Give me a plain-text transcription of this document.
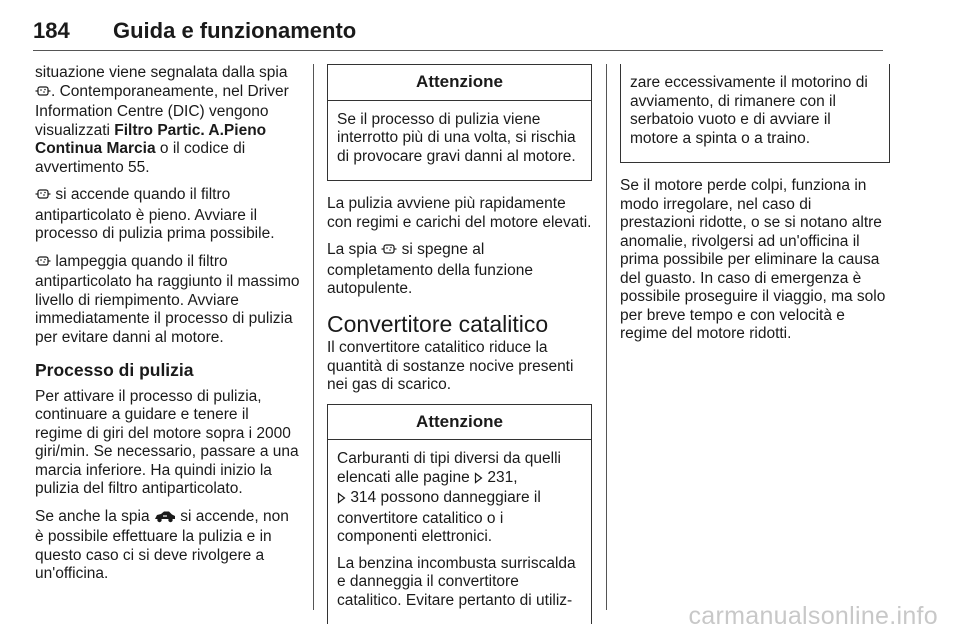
184 Guida e funzionamento

situazione viene segnalata dalla spia . Contemporaneamente, nel Driver Information Centre (DIC) vengono visualizzati Filtro Partic. A.Pieno Continua Marcia o il codice di avvertimento 55.

si accende quando il filtro antiparticolato è pieno. Avviare il processo di pulizia prima possibile.

lampeggia quando il filtro antiparticolato ha raggiunto il massimo livello di riempimento. Avviare immediatamente il processo di pulizia per evitare danni al motore.

Processo di pulizia

Per attivare il processo di pulizia, continuare a guidare e tenere il regime di giri del motore sopra i 2000 giri/min. Se necessario, passare a una marcia inferiore. Ha quindi inizio la pulizia del filtro antiparticolato.

Se anche la spia si accende, non è possibile effettuare la pulizia e in questo caso ci si deve rivolgere a un'officina.

Attenzione

Se il processo di pulizia viene interrotto più di una volta, si rischia di provocare gravi danni al motore.

La pulizia avviene più rapidamente con regimi e carichi del motore elevati.

La spia si spegne al completamento della funzione autopulente.

Convertitore catalitico

Il convertitore catalitico riduce la quantità di sostanze nocive presenti nei gas di scarico.

Attenzione

Carburanti di tipi diversi da quelli elencati alle pagine 231,
314 possono danneggiare il convertitore catalitico o i componenti elettronici.

La benzina incombusta surriscalda e danneggia il convertitore catalitico. Evitare pertanto di utiliz-

zare eccessivamente il motorino di avviamento, di rimanere con il serbatoio vuoto e di avviare il motore a spinta o a traino.

Se il motore perde colpi, funziona in modo irregolare, nel caso di prestazioni ridotte, o se si notano altre anomalie, rivolgersi ad un'officina il prima possibile per eliminare la causa del guasto. In caso di emergenza è possibile proseguire il viaggio, ma solo per breve tempo e con velocità e regime del motore ridotti.

carmanualsonline.info
